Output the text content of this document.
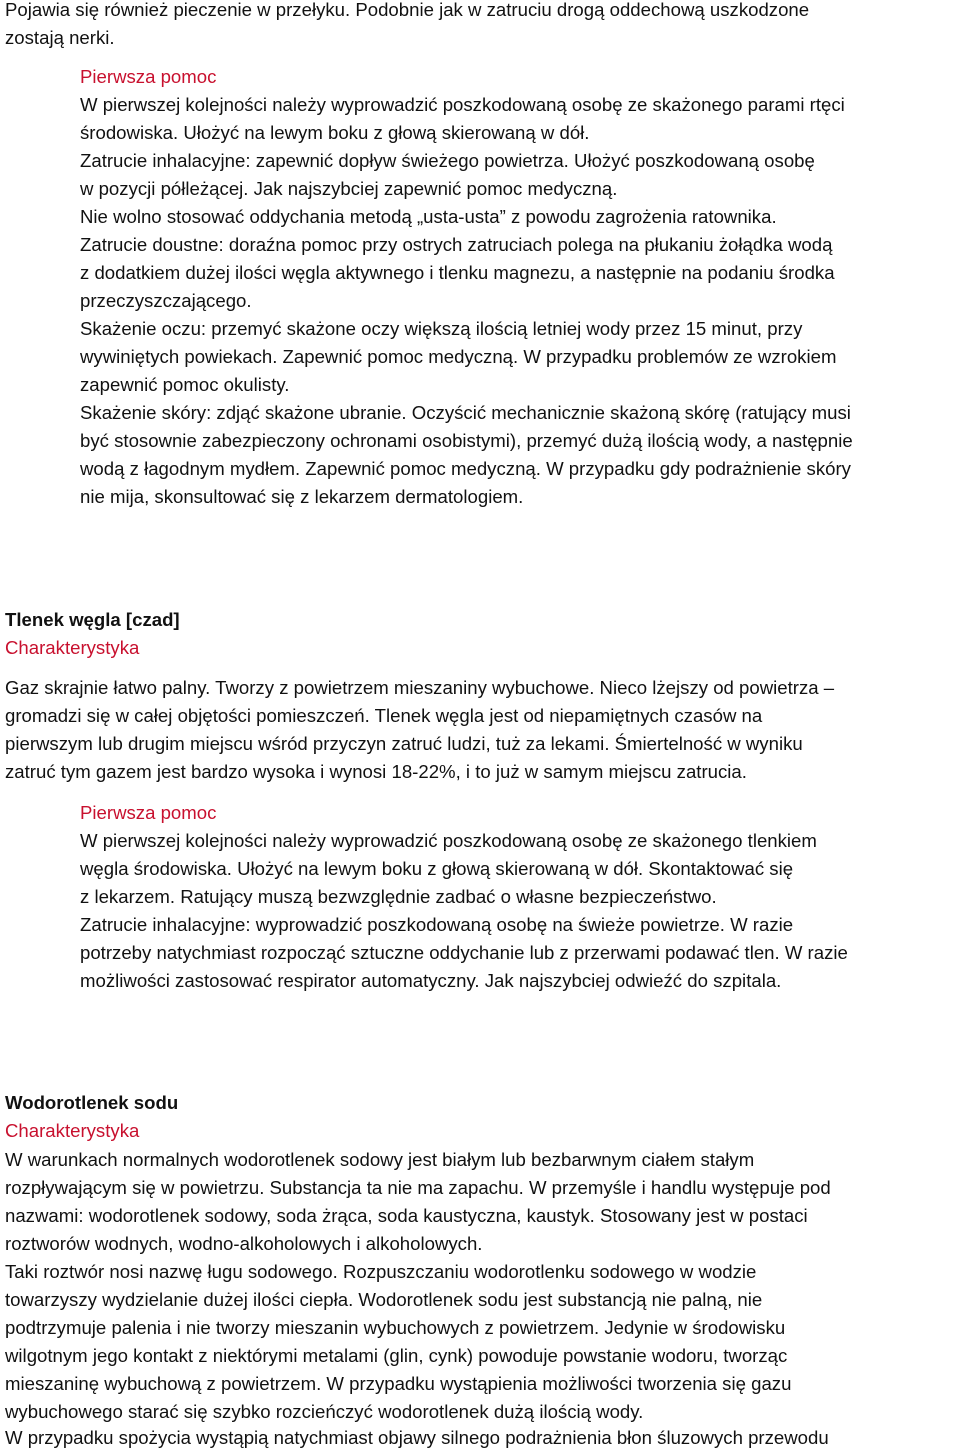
Pojawia się również pieczenie w przełyku. Podobnie jak w zatruciu drogą oddechową uszkodzone
zostają nerki.
Pierwsza pomoc
W pierwszej kolejności należy wyprowadzić poszkodowaną osobę ze skażonego parami rtęci
środowiska. Ułożyć na lewym boku z głową skierowaną w dół.
Zatrucie inhalacyjne: zapewnić dopływ świeżego powietrza. Ułożyć poszkodowaną osobę
w pozycji półleżącej. Jak najszybciej zapewnić pomoc medyczną.
Nie wolno stosować oddychania metodą „usta-usta” z powodu zagrożenia ratownika.
Zatrucie doustne: doraźna pomoc przy ostrych zatruciach polega na płukaniu żołądka wodą
z dodatkiem dużej ilości węgla aktywnego i tlenku magnezu, a następnie na podaniu środka
przeczyszczającego.
Skażenie oczu: przemyć skażone oczy większą ilością letniej wody przez 15 minut, przy
wywiniętych powiekach. Zapewnić pomoc medyczną. W przypadku problemów ze wzrokiem
zapewnić pomoc okulisty.
Skażenie skóry: zdjąć skażone ubranie. Oczyścić mechanicznie skażoną skórę (ratujący musi
być stosownie zabezpieczony ochronami osobistymi), przemyć dużą ilością wody, a następnie
wodą z łagodnym mydłem. Zapewnić pomoc medyczną. W przypadku gdy podrażnienie skóry
nie mija, skonsultować się z lekarzem dermatologiem.
Tlenek węgla [czad]
Charakterystyka
Gaz skrajnie łatwo palny. Tworzy z powietrzem mieszaniny wybuchowe. Nieco lżejszy od powietrza –
gromadzi się w całej objętości pomieszczeń. Tlenek węgla jest od niepamiętnych czasów na
pierwszym lub drugim miejscu wśród przyczyn zatruć ludzi, tuż za lekami. Śmiertelność w wyniku
zatruć tym gazem jest bardzo wysoka i wynosi 18-22%, i to już w samym miejscu zatrucia.
Pierwsza pomoc
W pierwszej kolejności należy wyprowadzić poszkodowaną osobę ze skażonego tlenkiem
węgla środowiska. Ułożyć na lewym boku z głową skierowaną w dół. Skontaktować się
z lekarzem. Ratujący muszą bezwzględnie zadbać o własne bezpieczeństwo.
Zatrucie inhalacyjne: wyprowadzić poszkodowaną osobę na świeże powietrze. W razie
potrzeby natychmiast rozpocząć sztuczne oddychanie lub z przerwami podawać tlen. W razie
możliwości zastosować respirator automatyczny. Jak najszybciej odwieźć do szpitala.
Wodorotlenek sodu
Charakterystyka
W warunkach normalnych wodorotlenek sodowy jest białym lub bezbarwnym ciałem stałym
rozpływającym się w powietrzu. Substancja ta nie ma zapachu. W przemyśle i handlu występuje pod
nazwami: wodorotlenek sodowy, soda żrąca, soda kaustyczna, kaustyk. Stosowany jest w postaci
roztworów wodnych, wodno-alkoholowych i alkoholowych.
Taki roztwór nosi nazwę ługu sodowego. Rozpuszczaniu wodorotlenku sodowego w wodzie
towarzyszy wydzielanie dużej ilości ciepła. Wodorotlenek sodu jest substancją nie palną, nie
podtrzymuje palenia i nie tworzy mieszanin wybuchowych z powietrzem. Jedynie w środowisku
wilgotnym jego kontakt z niektórymi metalami (glin, cynk) powoduje powstanie wodoru, tworząc
mieszaninę wybuchową z powietrzem. W przypadku wystąpienia możliwości tworzenia się gazu
wybuchowego starać się szybko rozcieńczyć wodorotlenek dużą ilością wody.
W przypadku spożycia wystąpią natychmiast objawy silnego podrażnienia błon śluzowych przewodu
